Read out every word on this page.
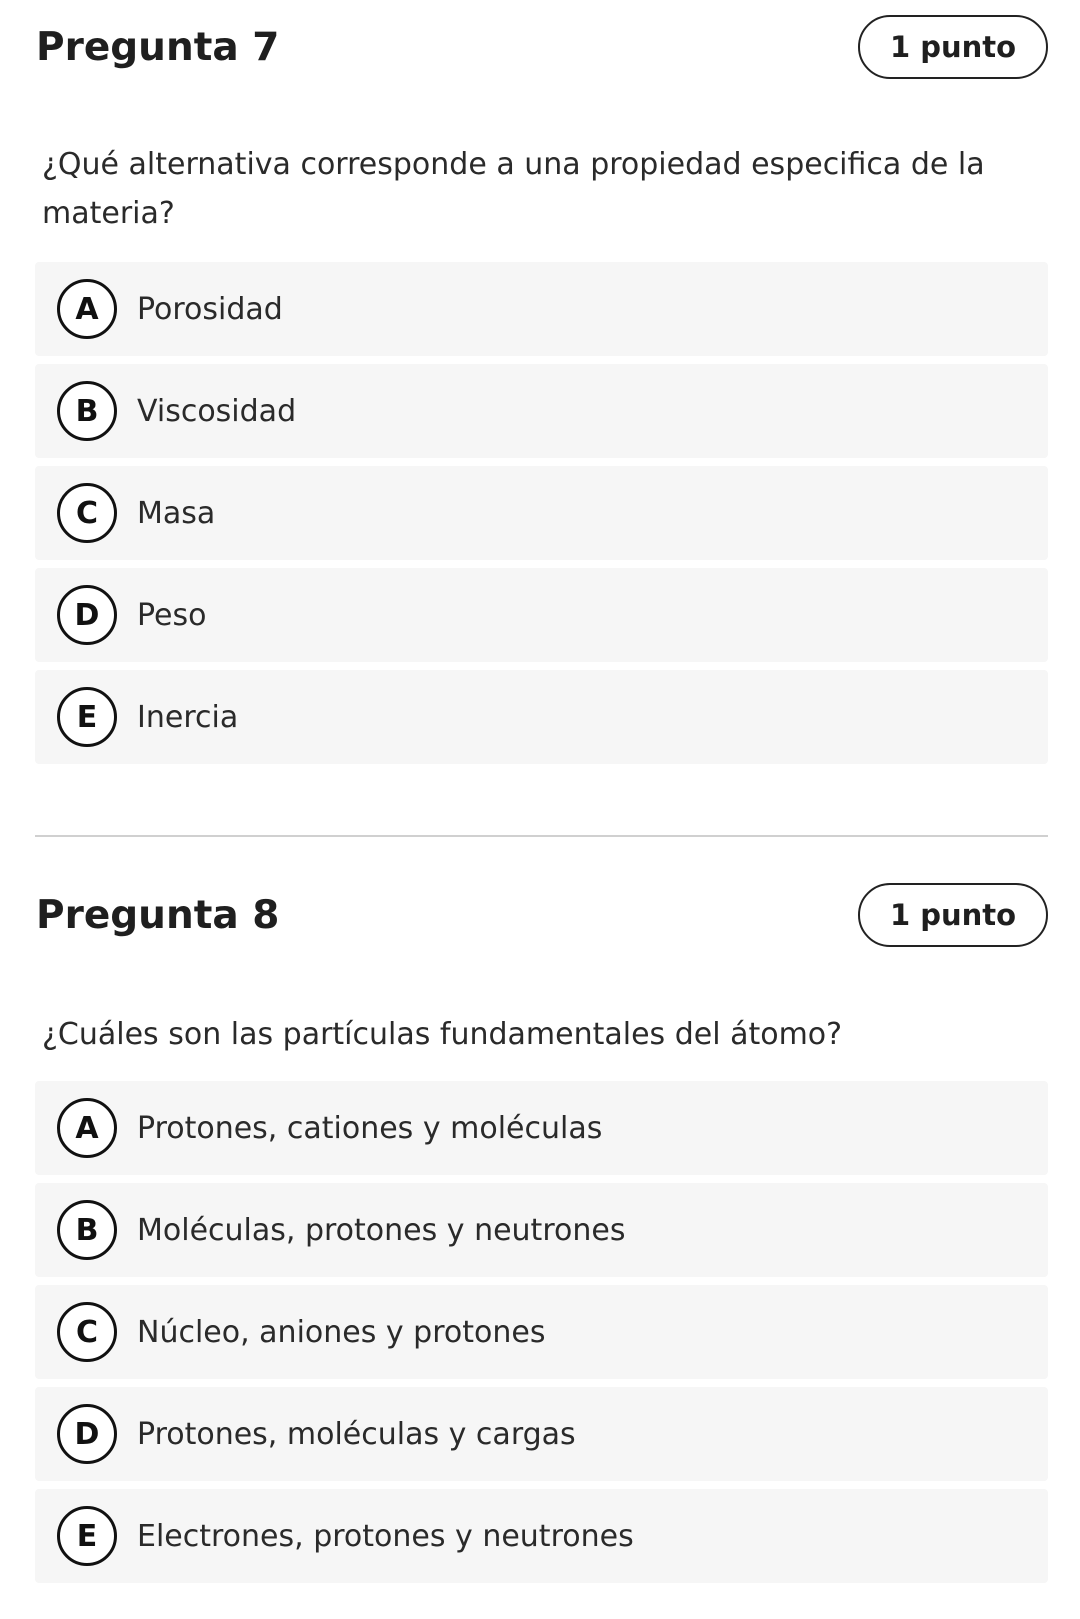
Pregunta 7	1 punto

¿Qué alternativa corresponde a una propiedad especifica de la materia?

A	Porosidad
B	Viscosidad
C	Masa
D	Peso
E	Inercia
Pregunta 8	1 punto

¿Cuáles son las partículas fundamentales del átomo?

A	Protones, cationes y moléculas
B	Moléculas, protones y neutrones
C	Núcleo, aniones y protones
D	Protones, moléculas y cargas
E	Electrones, protones y neutrones
